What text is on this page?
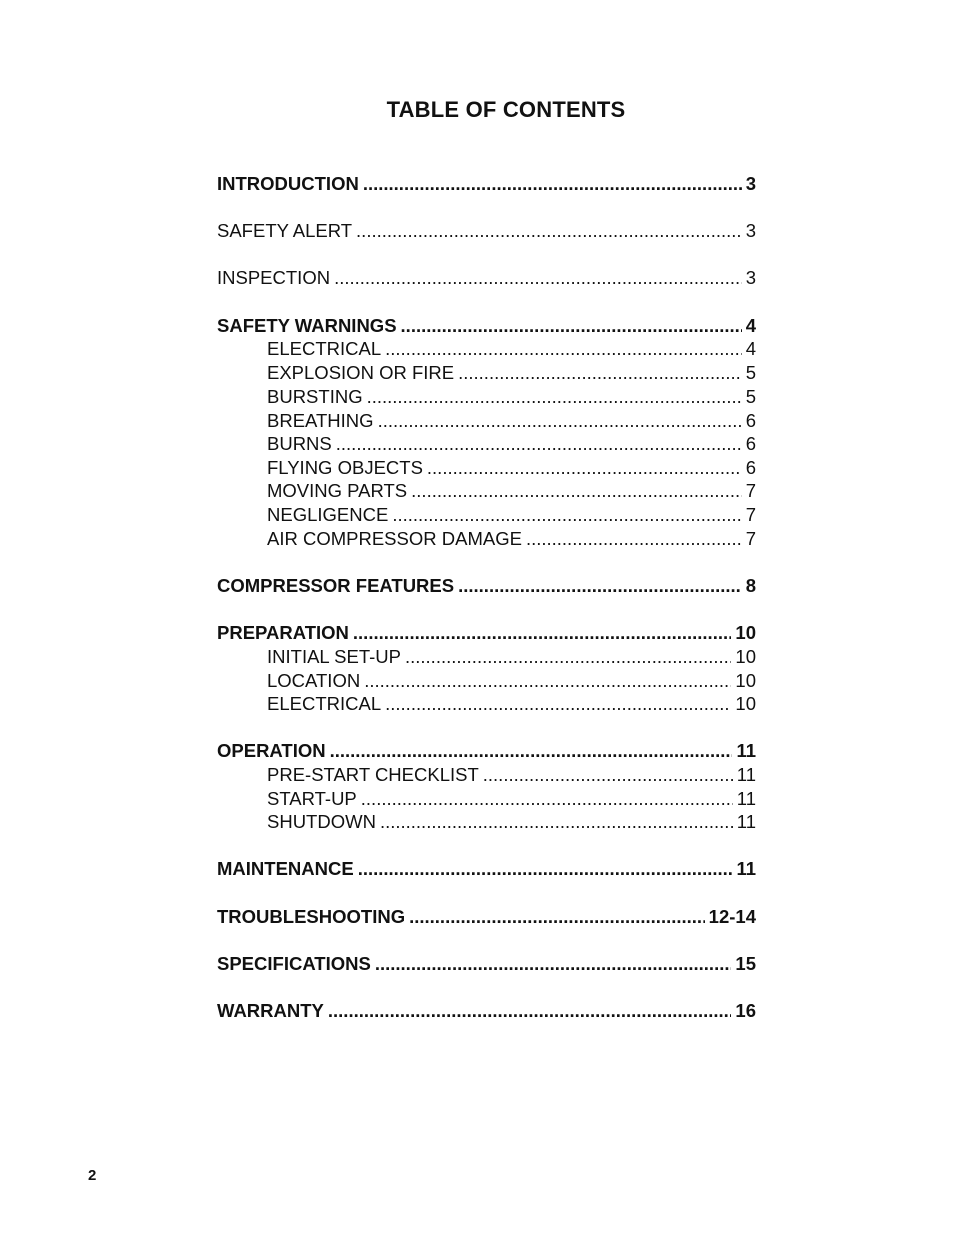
TABLE OF CONTENTS
INTRODUCTION .....	3
SAFETY ALERT .....	3
INSPECTION .....	3
SAFETY WARNINGS .....	4
ELECTRICAL .....	4
EXPLOSION OR FIRE .....	5
BURSTING .....	5
BREATHING .....	6
BURNS .....	6
FLYING OBJECTS .....	6
MOVING PARTS .....	7
NEGLIGENCE .....	7
AIR COMPRESSOR DAMAGE .....	7
COMPRESSOR FEATURES .....	8
PREPARATION .....	10
INITIAL SET-UP .....	10
LOCATION .....	10
ELECTRICAL .....	10
OPERATION .....	11
PRE-START CHECKLIST .....	11
START-UP .....	11
SHUTDOWN .....	11
MAINTENANCE .....	11
TROUBLESHOOTING .....	12-14
SPECIFICATIONS .....	15
WARRANTY .....	16

2
